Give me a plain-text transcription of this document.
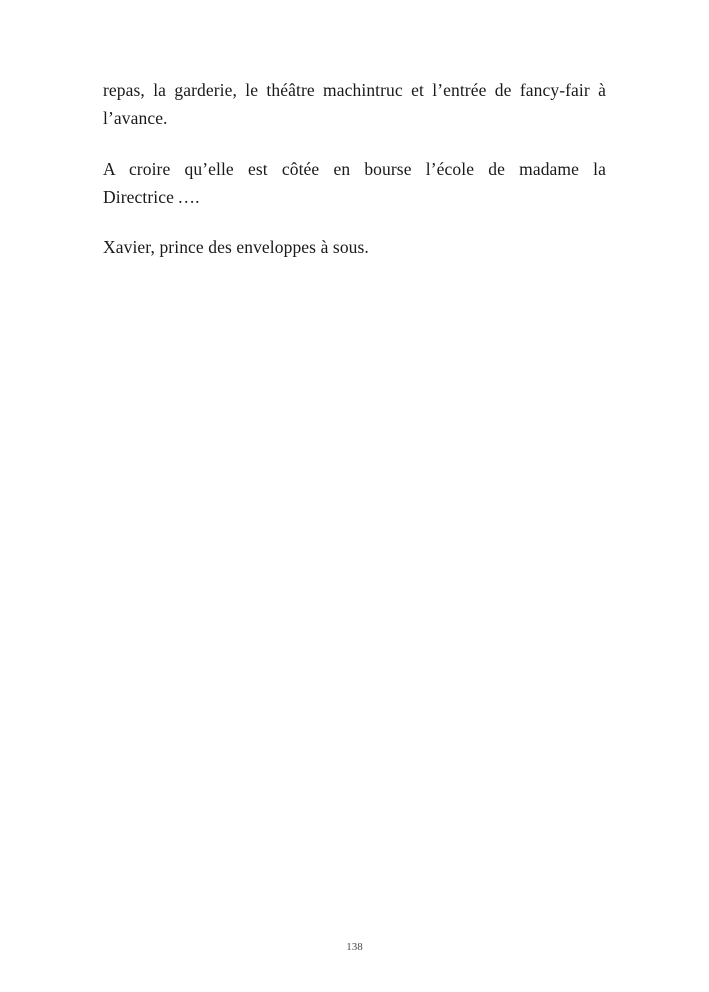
repas, la garderie, le théâtre machintruc et l’entrée de fancy-fair à l’avance.

A croire qu’elle est côtée en bourse l’école de madame la Directrice ….

Xavier, prince des enveloppes à sous.

138
